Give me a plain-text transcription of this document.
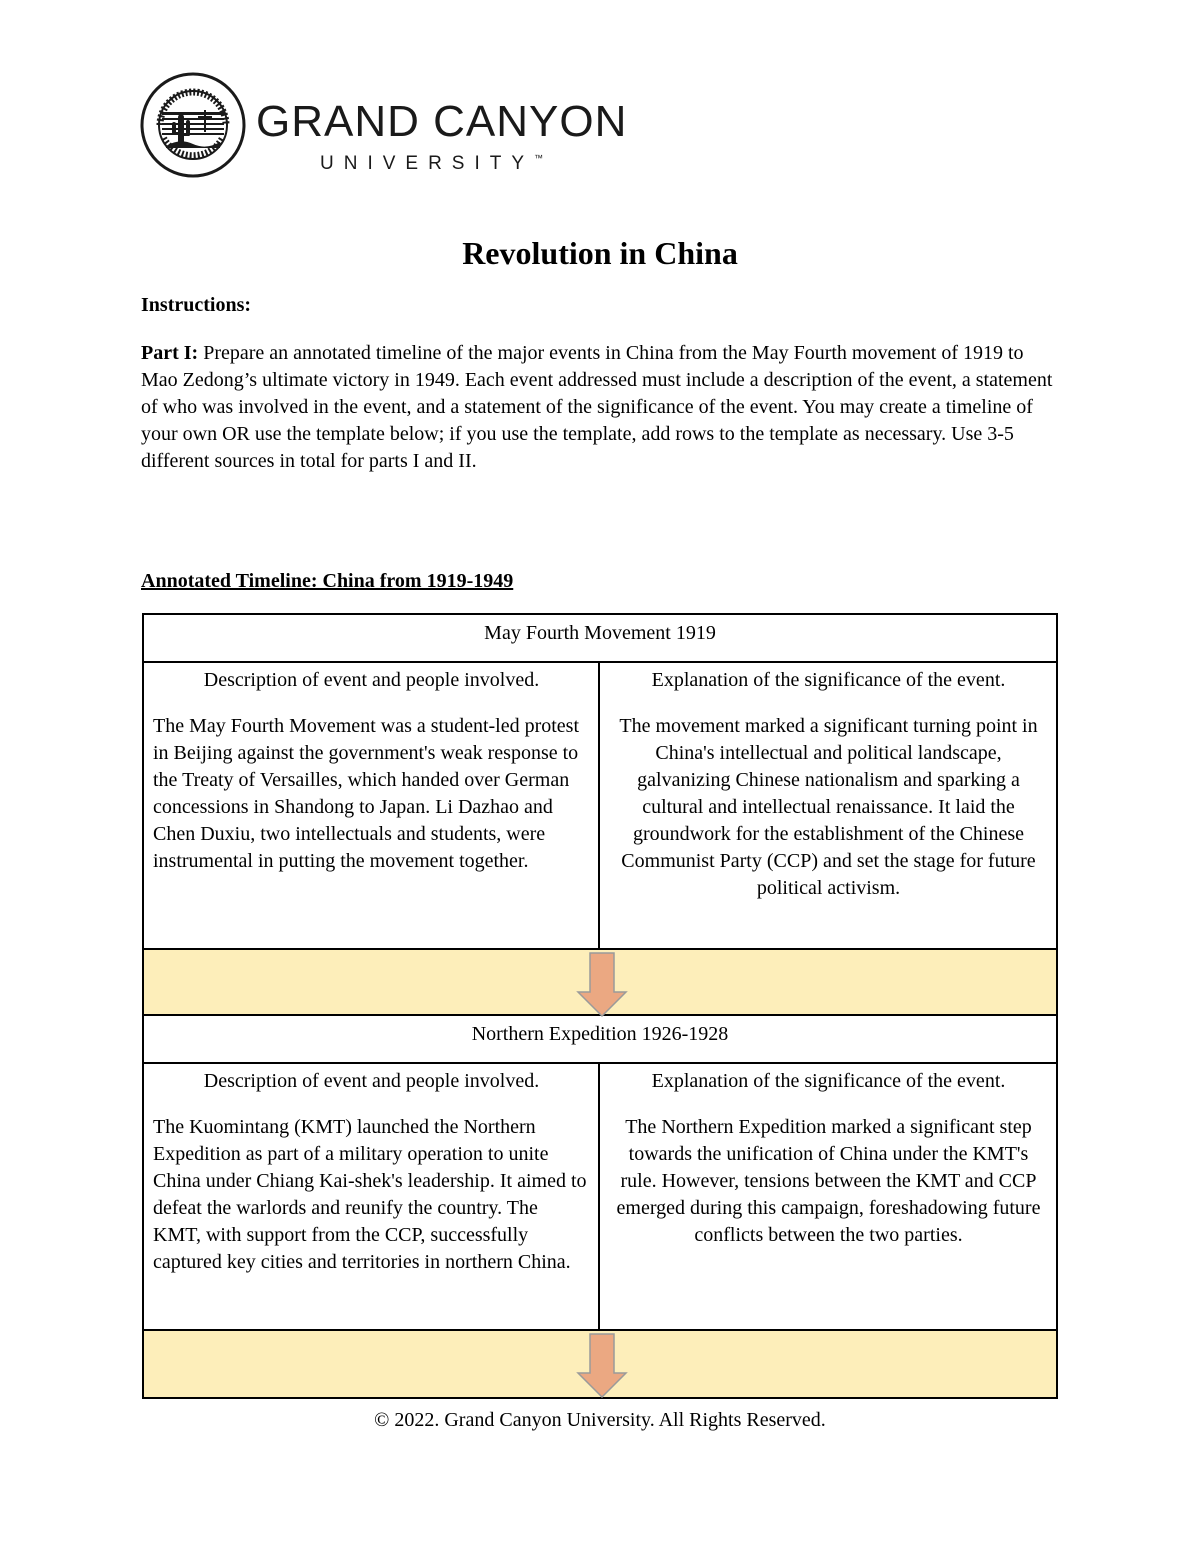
GRAND CANYON
UNIVERSITY™
Revolution in China
Instructions:
Part I: Prepare an annotated timeline of the major events in China from the May Fourth movement of 1919 to Mao Zedong’s ultimate victory in 1949. Each event addressed must include a description of the event, a statement of who was involved in the event, and a statement of the significance of the event. You may create a timeline of your own OR use the template below; if you use the template, add rows to the template as necessary. Use 3-5 different sources in total for parts I and II.
Annotated Timeline: China from 1919-1949
May Fourth Movement 1919
Description of event and people involved.
The May Fourth Movement was a student-led protest in Beijing against the government's weak response to the Treaty of Versailles, which handed over German concessions in Shandong to Japan. Li Dazhao and Chen Duxiu, two intellectuals and students, were instrumental in putting the movement together.
Explanation of the significance of the event.
The movement marked a significant turning point in China's intellectual and political landscape, galvanizing Chinese nationalism and sparking a cultural and intellectual renaissance. It laid the groundwork for the establishment of the Chinese Communist Party (CCP) and set the stage for future political activism.
Northern Expedition 1926-1928
Description of event and people involved.
The Kuomintang (KMT) launched the Northern Expedition as part of a military operation to unite China under Chiang Kai-shek's leadership. It aimed to defeat the warlords and reunify the country. The KMT, with support from the CCP, successfully captured key cities and territories in northern China.
Explanation of the significance of the event.
The Northern Expedition marked a significant step towards the unification of China under the KMT's rule. However, tensions between the KMT and CCP emerged during this campaign, foreshadowing future conflicts between the two parties.
© 2022. Grand Canyon University. All Rights Reserved.
